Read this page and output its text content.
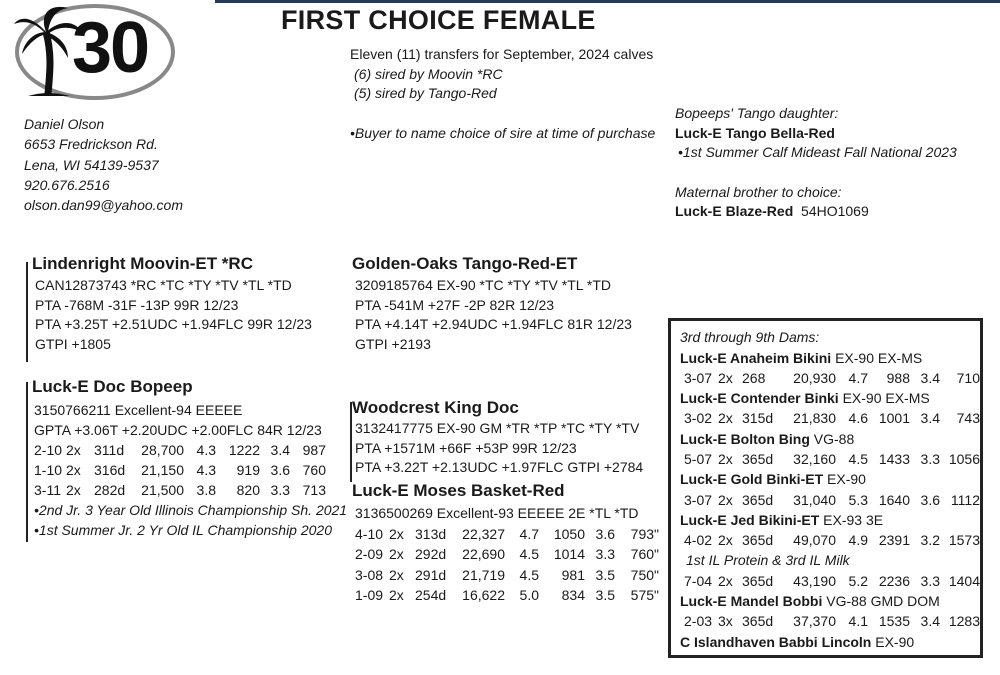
30	FIRST CHOICE FEMALE
Eleven (11) transfers for September, 2024 calves
(6) sired by Moovin *RC
(5) sired by Tango-Red
•Buyer to name choice of sire at time of purchase
Daniel Olson
6653 Fredrickson Rd.
Lena, WI 54139-9537
920.676.2516
olson.dan99@yahoo.com
Bopeeps' Tango daughter:
Luck-E Tango Bella-Red
•1st Summer Calf Mideast Fall National 2023
Maternal brother to choice:
Luck-E Blaze-Red 54HO1069
Lindenright Moovin-ET *RC
CAN12873743 *RC *TC *TY *TV *TL *TD
PTA -768M -31F -13P 99R 12/23
PTA +3.25T +2.51UDC +1.94FLC 99R 12/23
GTPI +1805
Golden-Oaks Tango-Red-ET
3209185764 EX-90 *TC *TY *TV *TL *TD
PTA -541M +27F -2P 82R 12/23
PTA +4.14T +2.94UDC +1.94FLC 81R 12/23
GTPI +2193
Luck-E Doc Bopeep
3150766211 Excellent-94 EEEEE
GPTA +3.06T +2.20UDC +2.00FLC 84R 12/23
2-10 2x 311d	28,700 4.3 1222 3.4 987
1-10 2x 316d	21,150 4.3	919 3.6 760
3-11 2x 282d	21,500 3.8	820 3.3 713
•2nd Jr. 3 Year Old Illinois Championship Sh. 2021
•1st Summer Jr. 2 Yr Old IL Championship 2020
Woodcrest King Doc
3132417775 EX-90 GM *TR *TP *TC *TY *TV
PTA +1571M +66F +53P 99R 12/23
PTA +3.22T +2.13UDC +1.97FLC GTPI +2784
Luck-E Moses Basket-Red
3136500269 Excellent-93 EEEEE 2E *TL *TD
4-10 2x 313d	22,327	4.7	1050 3.6	793"
2-09 2x 292d	22,690	4.5	1014 3.3	760"
3-08 2x 291d	21,719	4.5	981 3.5	750"
1-09 2x 254d	16,622	5.0	834 3.5	575"
3rd through 9th Dams:
Luck-E Anaheim Bikini EX-90 EX-MS
3-07 2x 268	20,930 4.7	988 3.4	710
Luck-E Contender Binki EX-90 EX-MS
3-02 2x 315d	21,830 4.6 1001 3.4	743
Luck-E Bolton Bing VG-88
5-07 2x 365d	32,160 4.5 1433 3.3 1056
Luck-E Gold Binki-ET EX-90
3-07 2x 365d	31,040 5.3 1640 3.6 1112
Luck-E Jed Bikini-ET EX-93 3E
4-02 2x 365d	49,070 4.9 2391 3.2 1573
1st IL Protein & 3rd IL Milk
7-04 2x 365d	43,190 5.2 2236 3.3 1404
Luck-E Mandel Bobbi VG-88 GMD DOM
2-03 3x 365d	37,370 4.1 1535 3.4 1283
C Islandhaven Babbi Lincoln EX-90
